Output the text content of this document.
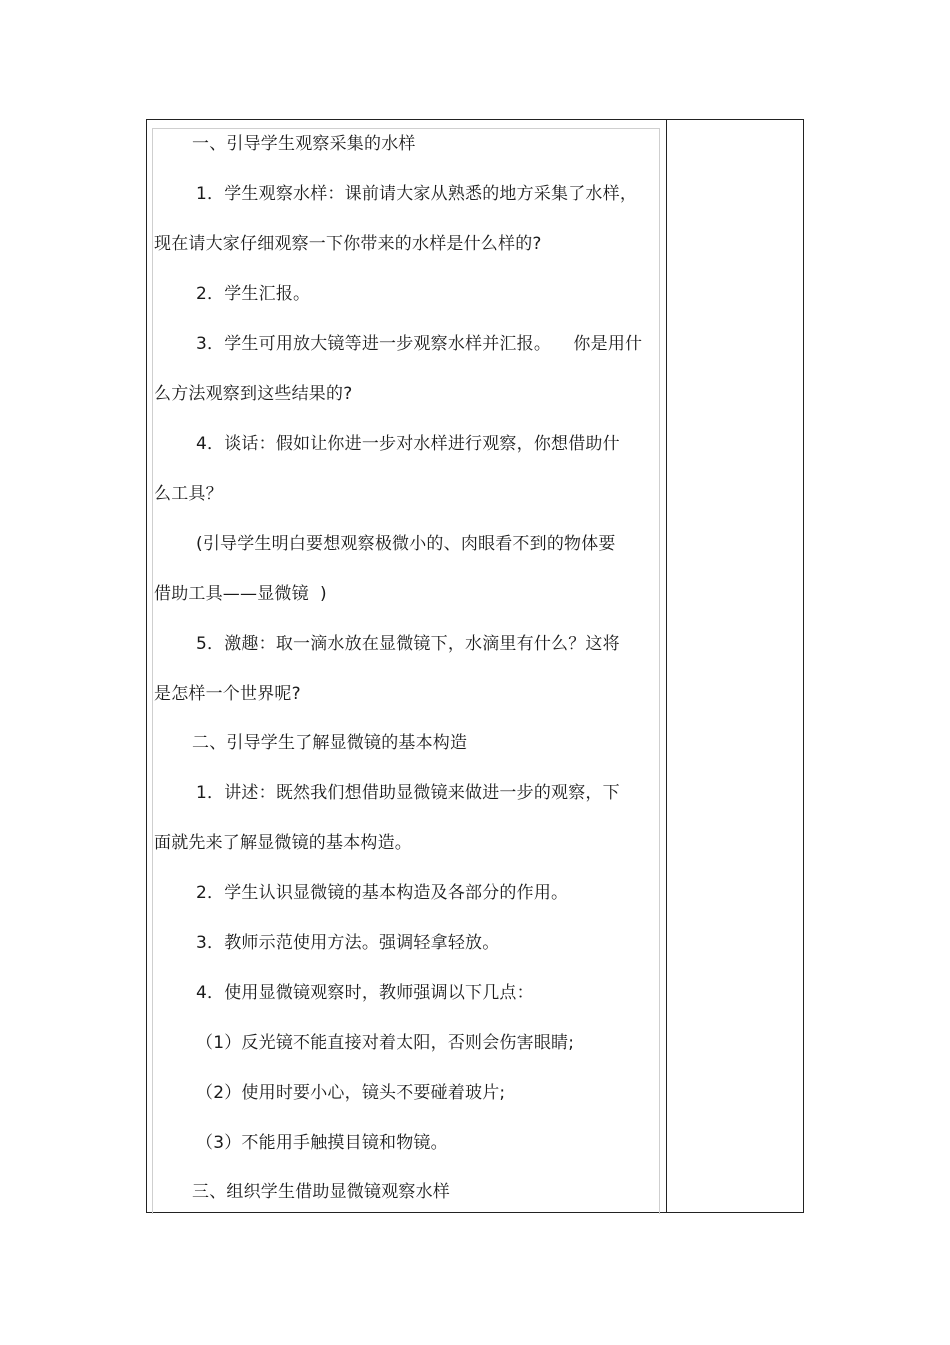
一、引导学生观察采集的水样
1．学生观察水样：课前请大家从熟悉的地方采集了水样，
现在请大家仔细观察一下你带来的水样是什么样的?
2．学生汇报。
3．学生可用放大镜等进一步观察水样并汇报。    你是用什
么方法观察到这些结果的?
4．谈话：假如让你进一步对水样进行观察，你想借助什
么工具？
(引导学生明白要想观察极微小的、肉眼看不到的物体要
借助工具——显微镜  )
5．激趣：取一滴水放在显微镜下，水滴里有什么？这将
是怎样一个世界呢?
二、引导学生了解显微镜的基本构造
1．讲述：既然我们想借助显微镜来做进一步的观察，下
面就先来了解显微镜的基本构造。
2．学生认识显微镜的基本构造及各部分的作用。
3．教师示范使用方法。强调轻拿轻放。
4．使用显微镜观察时，教师强调以下几点：
（1）反光镜不能直接对着太阳，否则会伤害眼睛;
（2）使用时要小心，镜头不要碰着玻片;
（3）不能用手触摸目镜和物镜。
三、组织学生借助显微镜观察水样
